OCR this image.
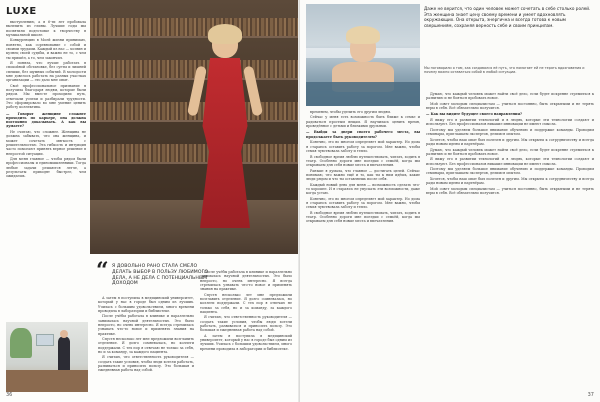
LUXE

выступлению, а в 6-ти лет пробовала вылепить из глины. Лучшие годы мы посвятили подготовке к творчеству в музыкальной школе.

Конкуренцию в Моей жизни принимаю, понятно, как соревнование с собой и своими трудами. Каждый из нас — хозяин и кузнец своей судьбы, и важно не то, с чем ты пришёл, а то, чем закончил.

Я поняла, что лучше работать в спокойной обстановке, без суеты и лишней спешки, без шумных событий. В молодости мне довелось работать на разных участках организации — это дало мне опыт.

Своё профессиональное признание я получила благодаря людям, которые были рядом. Мы вместе проходили путь, отмечали успехи и разбирали трудности. Это сформировало во мне умение ценить работу коллектива.

— Говорят женщине сложнее проходить по карьере, она должна постоянно доказывать. А как вы думаете?

Не считаю, что сложнее. Женщина не должна забывать, что она женщина, и может сочетать мягкость с решительностью. Эта гибкость и интуиция часто помогают принять верное решение в непростой ситуации.

Для меня главное — чтобы рядом были профессионалы и единомышленники. Тогда любые задачи решаются легче, а результаты приходят быстрее, чем ожидаешь.

“ Я ДОВОЛЬНО РАНО СТАЛА СМЕЛО ДЕЛАТЬ ВЫБОР В ПОЛЬЗУ ЛЮБИМОГО ДЕЛА, А НЕ ДЕЛА С ПОТЕНЦИАЛЬНЫМ ДОХОДОМ

А затем я поступила в медицинский университет, который у нас в городе был одним из лучших. Училась с большим удовольствием, много времени проводила в лаборатории и библиотеке.

После учёбы работала в клинике и параллельно занималась научной деятельностью. Это было непросто, но очень интересно. Я всегда стремилась узнавать что-то новое и применять знания на практике.

Спустя несколько лет мне предложили возглавить отделение. Я долго сомневалась, но коллеги поддержали. С тех пор я отвечаю не только за себя, но и за команду, за каждого пациента.

Я считаю, что ответственность руководителя — создать такие условия, чтобы люди хотели работать, развиваться и приносить пользу. Это большая и ежедневная работа над собой.

После учёбы работала в клинике и параллельно занималась научной деятельностью. Это было непросто, но очень интересно. Я всегда стремилась узнавать что-то новое и применять знания на практике.

Спустя несколько лет мне предложили возглавить отделение. Я долго сомневалась, но коллеги поддержали. С тех пор я отвечаю не только за себя, но и за команду, за каждого пациента.

Я считаю, что ответственность руководителя — создать такие условия, чтобы люди хотели работать, развиваться и приносить пользу. Это большая и ежедневная работа над собой.

А затем я поступила в медицинский университет, который у нас в городе был одним из лучших. Училась с большим удовольствием, много времени проводила в лаборатории и библиотеке.

36
Даже не верится, что один человек может сочетать в себе столько ролей. Эта женщина знает цену своему времени и умеет вдохновлять окружающих. Она открыта, энергична и всегда готова к новым свершениям, сохраняя верность себе и своим принципам.
Мы поговорили о том, как создавался её путь, что помогает ей не терять вдохновения и почему важно оставаться собой в любой ситуации.

временем, чтобы уделить его другим людям.

Сейчас у меня есть возможность быть ближе к семье и радоваться простым вещам. Я научилась ценить время, проведённое с детьми и близкими друзьями.

— Выйдя за двери своего рабочего места, вы продолжаете быть руководителем?

Конечно, это во многом определяет мой характер. Но дома я стараюсь оставить работу за порогом. Мне важно, чтобы семья чувствовала заботу и тепло.

В свободное время люблю путешествовать, читать, ходить в театр. Особенно дороги мне поездки с семьёй, когда мы открываем для себя новые места и впечатления.

Раньше я думала, что главное — достигать целей. Сейчас понимаю, что важно ещё и то, как ты к ним идёшь, какие люди рядом и что ты оставляешь после себя.

Каждый новый день для меня — возможность сделать что-то хорошее. И я стараюсь не упускать эти возможности, даже когда устаю.

Конечно, это во многом определяет мой характер. Но дома я стараюсь оставить работу за порогом. Мне важно, чтобы семья чувствовала заботу и тепло.

В свободное время люблю путешествовать, читать, ходить в театр. Особенно дороги мне поездки с семьёй, когда мы открываем для себя новые места и впечатления.

Думаю, что каждый человек может найти своё дело, если будет искренне стремиться к развитию и не бояться пробовать новое.

Мой совет молодым специалистам — учиться постоянно, быть открытыми и не терять веры в себя. Всё обязательно получится.

— Как вы видите будущее своего направления?

Я вижу его в развитии технологий и в людях, которые эти технологии создают и используют. Без профессионалов никакие инновации не имеют смысла.

Поэтому мы уделяем большое внимание обучению и поддержке команды. Проводим семинары, приглашаем экспертов, делимся опытом.

Хочется, чтобы наш опыт был полезен и другим. Мы открыты к сотрудничеству и всегда рады новым идеям и партнёрам.

Думаю, что каждый человек может найти своё дело, если будет искренне стремиться к развитию и не бояться пробовать новое.

Я вижу его в развитии технологий и в людях, которые эти технологии создают и используют. Без профессионалов никакие инновации не имеют смысла.

Поэтому мы уделяем большое внимание обучению и поддержке команды. Проводим семинары, приглашаем экспертов, делимся опытом.

Хочется, чтобы наш опыт был полезен и другим. Мы открыты к сотрудничеству и всегда рады новым идеям и партнёрам.

Мой совет молодым специалистам — учиться постоянно, быть открытыми и не терять веры в себя. Всё обязательно получится.

37
